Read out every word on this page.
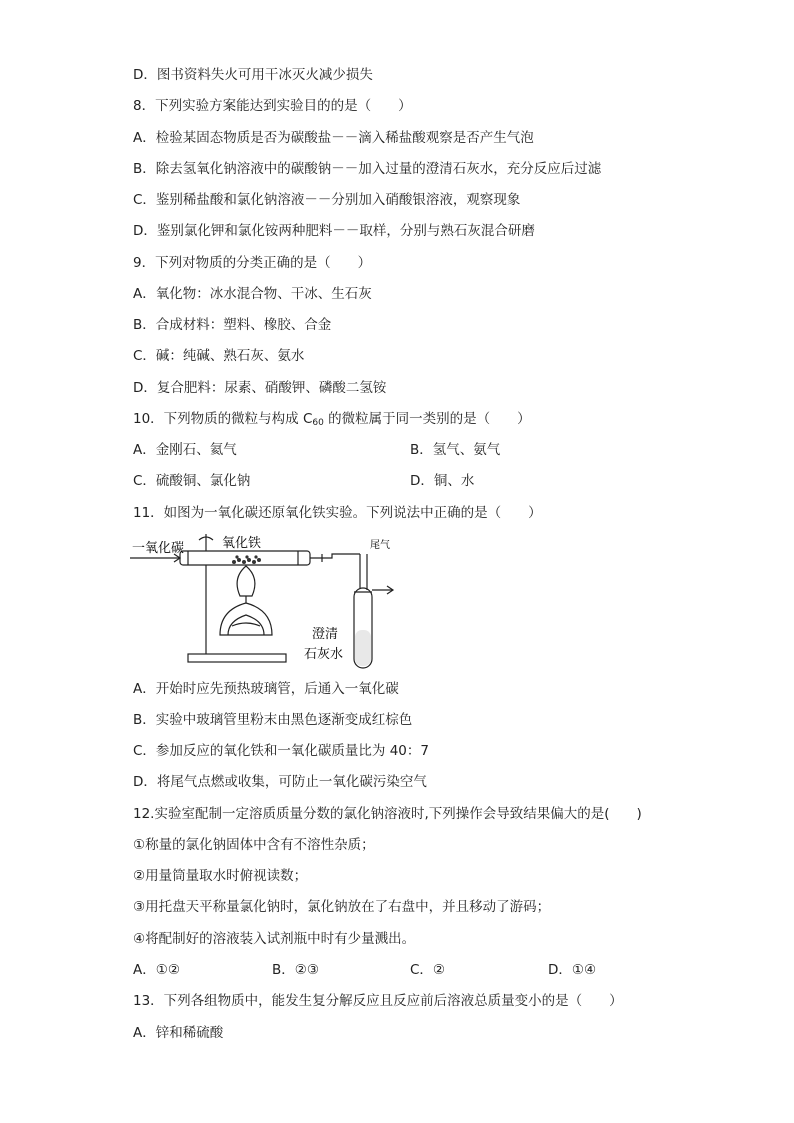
D．图书资料失火可用干冰灭火减少损失
8．下列实验方案能达到实验目的的是（　　）
A．检验某固态物质是否为碳酸盐－－滴入稀盐酸观察是否产生气泡
B．除去氢氧化钠溶液中的碳酸钠－－加入过量的澄清石灰水，充分反应后过滤
C．鉴别稀盐酸和氯化钠溶液－－分别加入硝酸银溶液，观察现象
D．鉴别氯化钾和氯化铵两种肥料－－取样，分别与熟石灰混合研磨
9．下列对物质的分类正确的是（　　）
A．氧化物：冰水混合物、干冰、生石灰
B．合成材料：塑料、橡胶、合金
C．碱：纯碱、熟石灰、氨水
D．复合肥料：尿素、硝酸钾、磷酸二氢铵
10．下列物质的微粒与构成 $C_{60}$ 的微粒属于同一类别的是（　　）
A．金刚石、氦气	B．氢气、氨气
C．硫酸铜、氯化钠	D．铜、水
11．如图为一氧化碳还原氧化铁实验。下列说法中正确的是（　　）
一氧化碳	氧化铁	尾气
澄清
石灰水
A．开始时应先预热玻璃管，后通入一氧化碳
B．实验中玻璃管里粉末由黑色逐渐变成红棕色
C．参加反应的氧化铁和一氧化碳质量比为 40：7
D．将尾气点燃或收集，可防止一氧化碳污染空气
12.实验室配制一定溶质质量分数的氯化钠溶液时,下列操作会导致结果偏大的是(　　)
①称量的氯化钠固体中含有不溶性杂质；
②用量筒量取水时俯视读数；
③用托盘天平称量氯化钠时，氯化钠放在了右盘中，并且移动了游码；
④将配制好的溶液装入试剂瓶中时有少量溅出。
A．①②	B．②③	C．②	D．①④
13．下列各组物质中，能发生复分解反应且反应前后溶液总质量变小的是（　　）
A．锌和稀硫酸
